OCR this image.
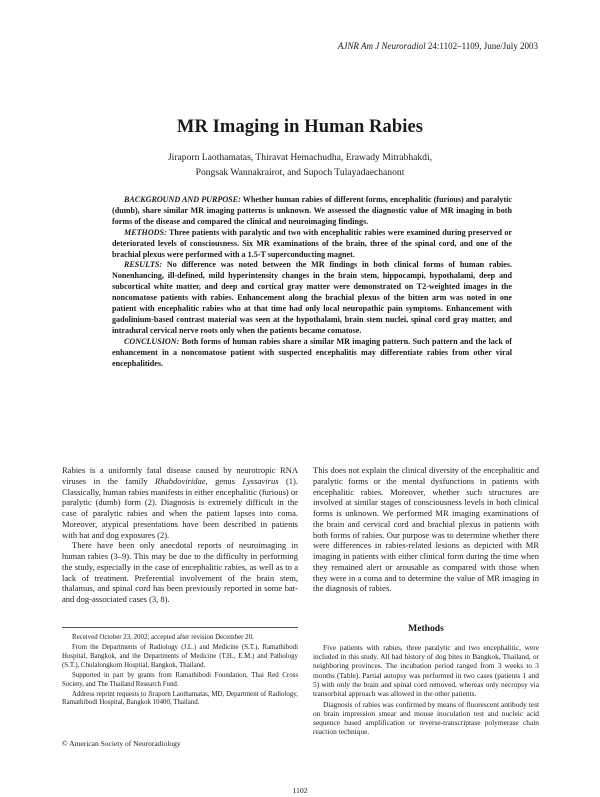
AJNR Am J Neuroradiol 24:1102–1109, June/July 2003
MR Imaging in Human Rabies
Jiraporn Laothamatas, Thiravat Hemachudha, Erawady Mitrabhakdi,
Pongsak Wannakrairot, and Supoch Tulayadaechanont

BACKGROUND AND PURPOSE: Whether human rabies of different forms, encephalitic (furious) and paralytic (dumb), share similar MR imaging patterns is unknown. We assessed the diagnostic value of MR imaging in both forms of the disease and compared the clinical and neuroimaging findings.

METHODS: Three patients with paralytic and two with encephalitic rabies were examined during preserved or deteriorated levels of consciousness. Six MR examinations of the brain, three of the spinal cord, and one of the brachial plexus were performed with a 1.5-T superconducting magnet.

RESULTS: No difference was noted between the MR findings in both clinical forms of human rabies. Nonenhancing, ill-defined, mild hyperintensity changes in the brain stem, hippocampi, hypothalami, deep and subcortical white matter, and deep and cortical gray matter were demonstrated on T2-weighted images in the noncomatose patients with rabies. Enhancement along the brachial plexus of the bitten arm was noted in one patient with encephalitic rabies who at that time had only local neuropathic pain symptoms. Enhancement with gadolinium-based contrast material was seen at the hypothalami, brain stem nuclei, spinal cord gray matter, and intradural cervical nerve roots only when the patients became comatose.

CONCLUSION: Both forms of human rabies share a similar MR imaging pattern. Such pattern and the lack of enhancement in a noncomatose patient with suspected encephalitis may differentiate rabies from other viral encephalitides.

Rabies is a uniformly fatal disease caused by neurotropic RNA viruses in the family Rhabdoviridae, genus Lyssavirus (1). Classically, human rabies manifests in either encephalitic (furious) or paralytic (dumb) form (2). Diagnosis is extremely difficult in the case of paralytic rabies and when the patient lapses into coma. Moreover, atypical presentations have been described in patients with bat and dog exposures (2).

There have been only anecdotal reports of neuroimaging in human rabies (3–9). This may be due to the difficulty in performing the study, especially in the case of encephalitic rabies, as well as to a lack of treatment. Preferential involvement of the brain stem, thalamus, and spinal cord has been previously reported in some bat- and dog-associated cases (3, 8).

This does not explain the clinical diversity of the encephalitic and paralytic forms or the mental dysfunctions in patients with encephalitic rabies. Moreover, whether such structures are involved at similar stages of consciousness levels in both clinical forms is unknown. We performed MR imaging examinations of the brain and cervical cord and brachial plexus in patients with both forms of rabies. Our purpose was to determine whether there were differences in rabies-related lesions as depicted with MR imaging in patients with either clinical form during the time when they remained alert or arousable as compared with those when they were in a coma and to determine the value of MR imaging in the diagnosis of rabies.

Received October 23, 2002; accepted after revision December 20.

From the Departments of Radiology (J.L.) and Medicine (S.T.), Ramathibodi Hospital, Bangkok, and the Departments of Medicine (T.H., E.M.) and Pathology (S.T.), Chulalongkorn Hospital, Bangkok, Thailand.

Supported in part by grants from Ramathibodi Foundation, Thai Red Cross Society, and The Thailand Research Fund.

Address reprint requests to Jiraporn Laothamatas, MD, Department of Radiology, Ramathibodi Hospital, Bangkok 10400, Thailand.

© American Society of Neuroradiology
Methods

Five patients with rabies, three paralytic and two encephalitic, were included in this study. All had history of dog bites in Bangkok, Thailand, or neighboring provinces. The incubation period ranged from 3 weeks to 3 months (Table). Partial autopsy was performed in two cases (patients 1 and 5) with only the brain and spinal cord removed, whereas only necropsy via transorbital approach was allowed in the other patients.

Diagnosis of rabies was confirmed by means of fluorescent antibody test on brain impression smear and mouse inoculation test and nucleic acid sequence based amplification or reverse-transcriptase polymerase chain reaction technique.

1102
